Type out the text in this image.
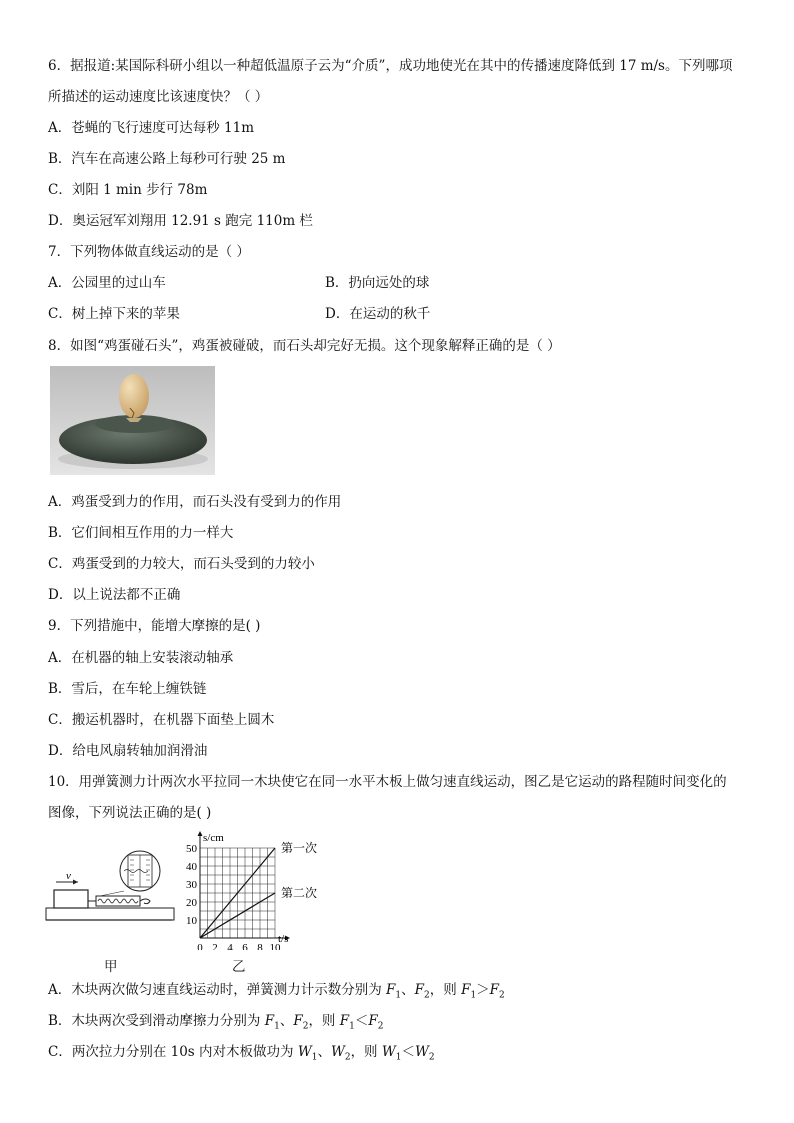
6．据报道:某国际科研小组以一种超低温原子云为“介质”，成功地使光在其中的传播速度降低到 17 m/s。下列哪项
所描述的运动速度比该速度快？（ ）
A．苍蝇的飞行速度可达每秒 11m
B．汽车在高速公路上每秒可行驶 25 m
C．刘阳 1 min 步行 78m
D．奥运冠军刘翔用 12.91 s 跑完 110m 栏
7．下列物体做直线运动的是（ ）
A．公园里的过山车	B．扔向远处的球
C．树上掉下来的苹果	D．在运动的秋千
8．如图“鸡蛋碰石头”，鸡蛋被碰破，而石头却完好无损。这个现象解释正确的是（ ）
A．鸡蛋受到力的作用，而石头没有受到力的作用
B．它们间相互作用的力一样大
C．鸡蛋受到的力较大，而石头受到的力较小
D．以上说法都不正确
9．下列措施中，能增大摩擦的是( )
A．在机器的轴上安装滚动轴承
B．雪后，在车轮上缠铁链
C．搬运机器时，在机器下面垫上圆木
D．给电风扇转轴加润滑油
10．用弹簧测力计两次水平拉同一木块使它在同一水平木板上做匀速直线运动，图乙是它运动的路程随时间变化的
图像，下列说法正确的是( )
v
甲
t/s
s/cm
0 2 4 6 8 10
10
20
30
40
50	第一次
第二次
乙
A．木块两次做匀速直线运动时，弹簧测力计示数分别为 $F_1$、$F_2$，则 $F_1>F_2$
B．木块两次受到滑动摩擦力分别为 $F_1$、$F_2$，则 $F_1<F_2$
C．两次拉力分别在 10s 内对木板做功为 $W_1$、$W_2$，则 $W_1<W_2$
